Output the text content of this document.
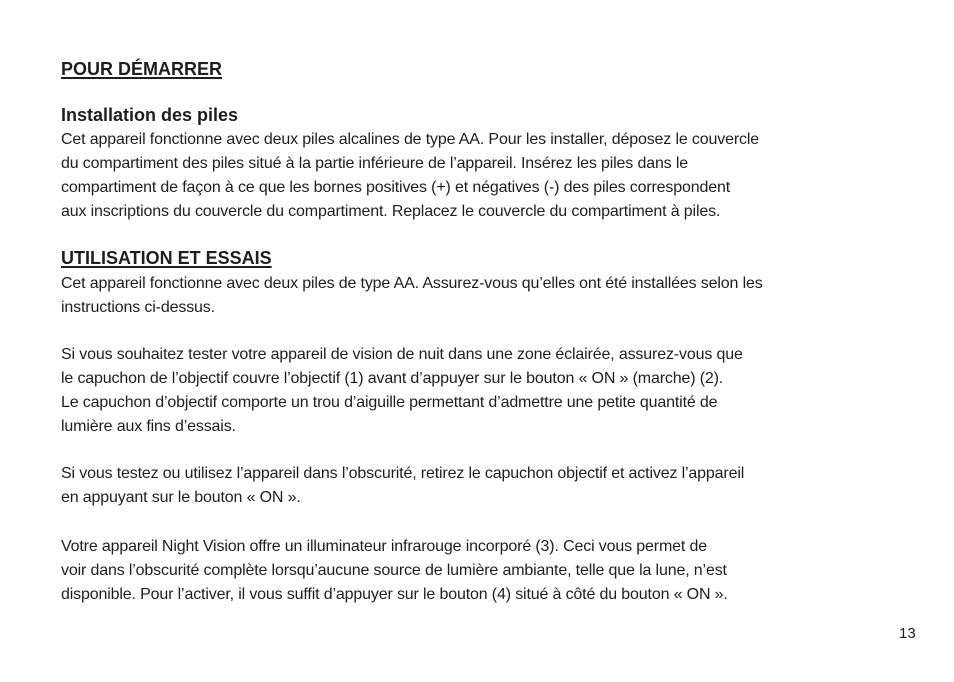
POUR DÉMARRER
Installation des piles
Cet appareil fonctionne avec deux piles alcalines de type AA. Pour les installer, déposez le couvercle
du compartiment des piles situé à la partie inférieure de l’appareil. Insérez les piles dans le
compartiment de façon à ce que les bornes positives (+) et négatives (-) des piles correspondent
aux inscriptions du couvercle du compartiment. Replacez le couvercle du compartiment à piles.
UTILISATION ET ESSAIS
Cet appareil fonctionne avec deux piles de type AA. Assurez-vous qu’elles ont été installées selon les
instructions ci-dessus.
Si vous souhaitez tester votre appareil de vision de nuit dans une zone éclairée, assurez-vous que
le capuchon de l’objectif couvre l’objectif (1) avant d’appuyer sur le bouton « ON » (marche) (2).
Le capuchon d’objectif comporte un trou d’aiguille permettant d’admettre une petite quantité de
lumière aux fins d’essais.
Si vous testez ou utilisez l’appareil dans l’obscurité, retirez le capuchon objectif et activez l’appareil
en appuyant sur le bouton « ON ».
Votre appareil Night Vision offre un illuminateur infrarouge incorporé (3). Ceci vous permet de
voir dans l’obscurité complète lorsqu’aucune source de lumière ambiante, telle que la lune, n’est
disponible. Pour l’activer, il vous suffit d’appuyer sur le bouton (4) situé à côté du bouton « ON ».
13
